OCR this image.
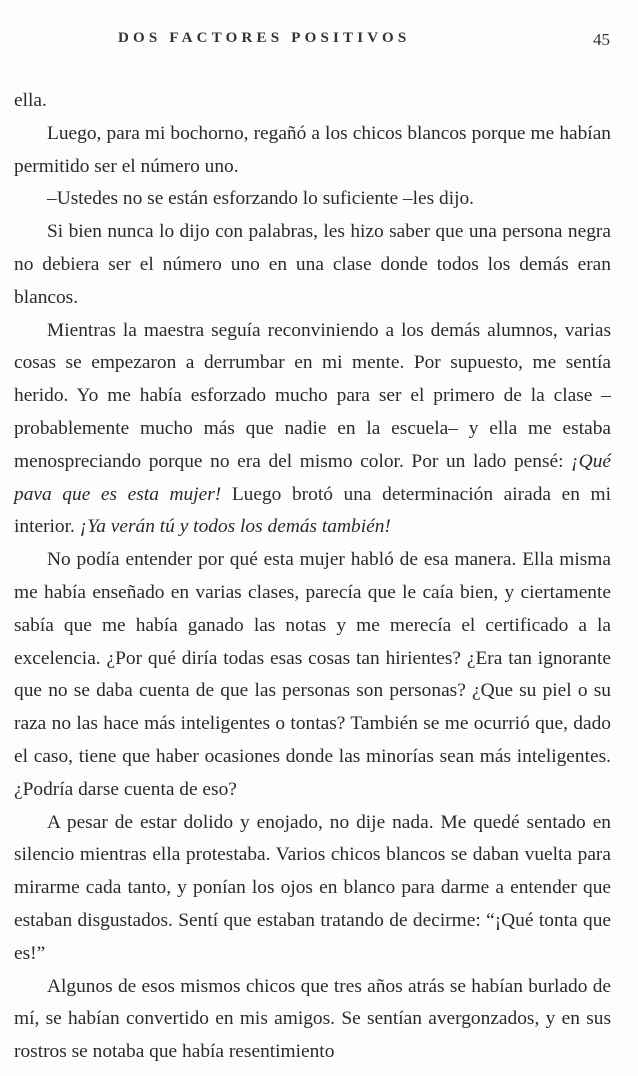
DOS FACTORES POSITIVOS	45

ella.

Luego, para mi bochorno, regañó a los chicos blancos porque me habían permitido ser el número uno.

–Ustedes no se están esforzando lo suficiente –les dijo.

Si bien nunca lo dijo con palabras, les hizo saber que una persona negra no debiera ser el número uno en una clase donde todos los demás eran blancos.

Mientras la maestra seguía reconviniendo a los demás alumnos, varias cosas se empezaron a derrumbar en mi mente. Por supuesto, me sentía herido. Yo me había esforzado mucho para ser el primero de la clase –probablemente mucho más que nadie en la escuela– y ella me estaba menospreciando porque no era del mismo color. Por un lado pensé: ¡Qué pava que es esta mujer! Luego brotó una determinación airada en mi interior. ¡Ya verán tú y todos los demás también!

No podía entender por qué esta mujer habló de esa manera. Ella misma me había enseñado en varias clases, parecía que le caía bien, y ciertamente sabía que me había ganado las notas y me merecía el certificado a la excelencia. ¿Por qué diría todas esas cosas tan hirientes? ¿Era tan ignorante que no se daba cuenta de que las personas son personas? ¿Que su piel o su raza no las hace más inteligentes o tontas? También se me ocurrió que, dado el caso, tiene que haber ocasiones donde las minorías sean más inteligentes. ¿Podría darse cuenta de eso?

A pesar de estar dolido y enojado, no dije nada. Me quedé sentado en silencio mientras ella protestaba. Varios chicos blancos se daban vuelta para mirarme cada tanto, y ponían los ojos en blanco para darme a entender que estaban disgustados. Sentí que estaban tratando de decirme: “¡Qué tonta que es!”

Algunos de esos mismos chicos que tres años atrás se habían burlado de mí, se habían convertido en mis amigos. Se sentían avergonzados, y en sus rostros se notaba que había resentimiento
